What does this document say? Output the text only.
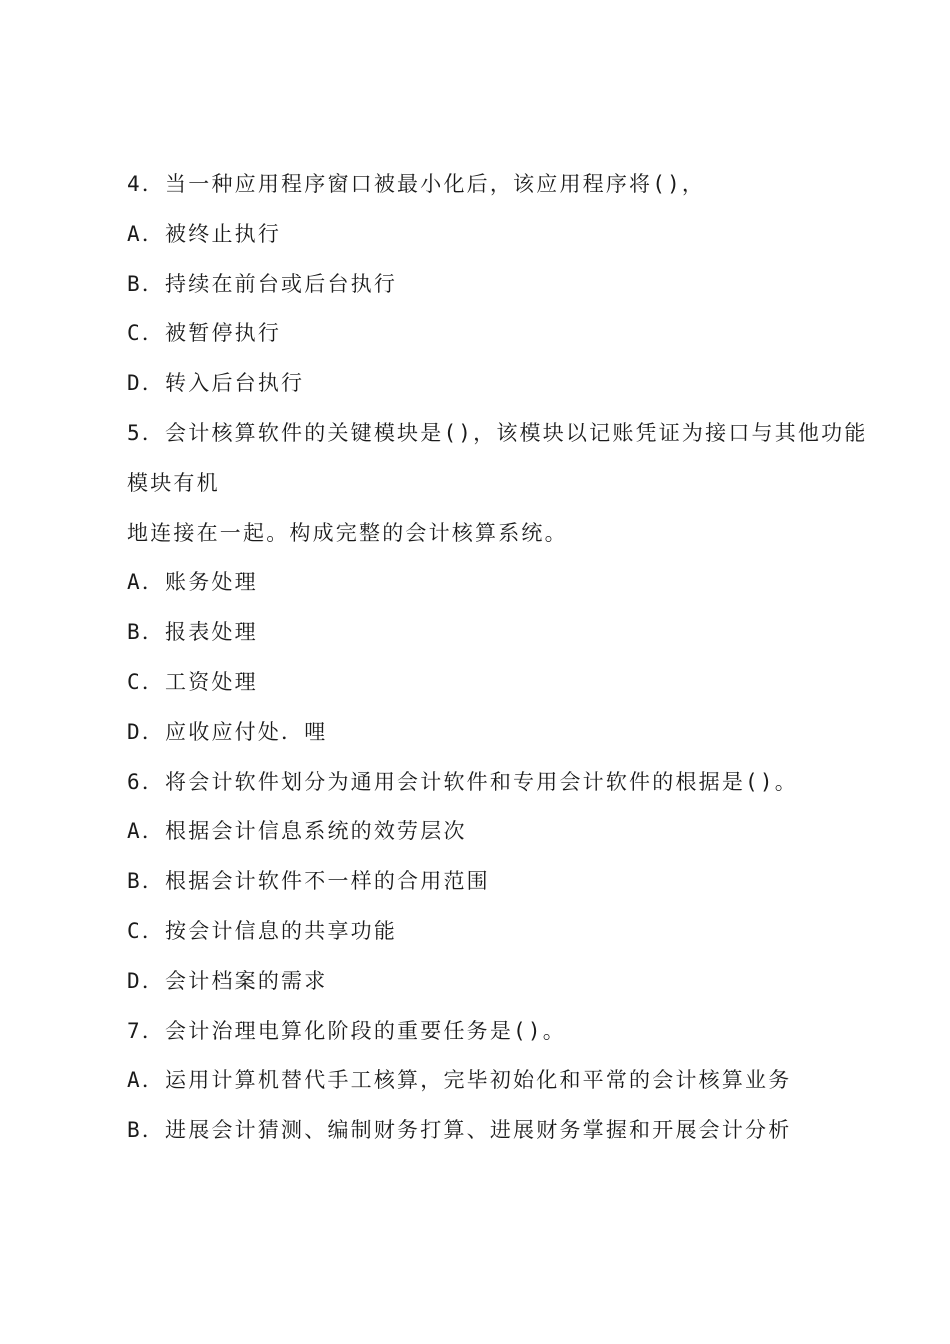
4．当一种应用程序窗口被最小化后，该应用程序将()，
A．被终止执行
B．持续在前台或后台执行
C．被暂停执行
D．转入后台执行
5．会计核算软件的关键模块是()，该模块以记账凭证为接口与其他功能
模块有机
地连接在一起。构成完整的会计核算系统。
A．账务处理
B．报表处理
C．工资处理
D．应收应付处．哩
6．将会计软件划分为通用会计软件和专用会计软件的根据是()。
A．根据会计信息系统的效劳层次
B．根据会计软件不一样的合用范围
C．按会计信息的共享功能
D．会计档案的需求
7．会计治理电算化阶段的重要任务是()。
A．运用计算机替代手工核算，完毕初始化和平常的会计核算业务
B．进展会计猜测、编制财务打算、进展财务掌握和开展会计分析
